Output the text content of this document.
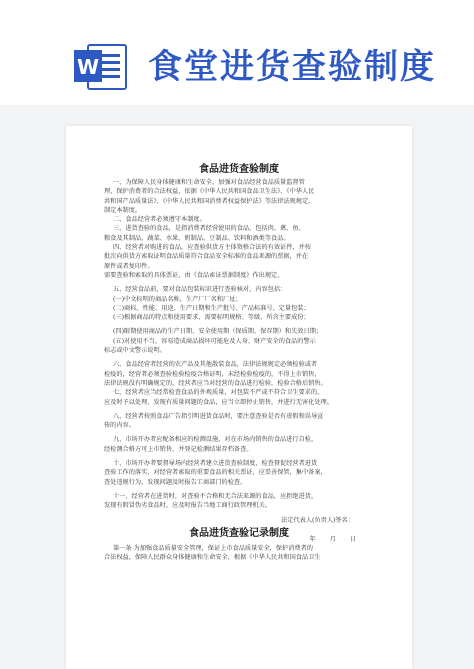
W 食堂进货查验制度
食品进货查验制度
一、为保障人民身体健康和生命安全，加强对食品经营食品质量监督管
理，保护消费者的合法权益，依据《中华人民共和国食品卫生法》、《中华人民
共和国产品质量法》、《中华人民共和国消费者权益保护法》等法律法规规定，
制定本制度。
二、食品经营者必须遵守本制度。
三、进货查验的食品，是指消费者经营使用的食品，包括肉、禽、鱼、
粮食及其制品、蔬菜、水果、奶制品、豆制品、饮料和酒类等食品。
四、经营者对购进的食品，应查验供货方主体资格合法的有效证件，并按
批次向供货方索取证明食品质量符合食品安全标准的食品来源的票据，并在
原件或者复印件。
需要查验和索取的具体票证，由《食品索证票据制度》作出规定。
五、经营食品前，要对食品包装标识进行查验核对，内容包括：
(一)中文标明的商品名称，生产厂厂名和厂址；
(二)商标、性能、用途、生产日期和生产批号、产品标准号、定量包装；
(三)根据商品的特点和使用要求，需要标明规格、等级、所含主要成份；
(四)限期使用商品的生产日期、安全使用期（保质期、保存期）和失效日期；
(五)对使用不当，容易造成商品损坏可能危及人身、财产安全的食品的警示
标志或中文警示说明。
六、食品经营者经营的农产品及其他散装食品，法律法规规定必须检验或者
检疫的，经营者必须查验检验检疫合格证明，未经检验检疫的，不得上市销售，
法律法规没有明确规定的，经营者应当对经营的食品进行检验，检验合格后销售。
七、经营者应当经常检查食品的外观质量，对包装不严或不符合卫生要求的，
应及时予以处理，发现有质量问题的食品，应当立即停止销售，并进行无害化处理。
八、经营者按照食品广告指引明进货食品时，要注意查验是否有虚假和误导宣
传的内容。
九、市场开办者应配备相应的检测设施，对在市场内销售的食品进行自检，
经检测合格方可上市销售，并登记检测结果存档备查。
十、市场开办者要督导场内经营者建立进货查验制度，检查督促经营者进货
查验工作的落实，对经营者索取的重要食品的相关票证，应妥善保管，集中备案，
查处违规行为，发现问题及时报告工商部门的检查。
十一、经营者在进货时，对查验不合格和无合法来源的食品，应拒绝进货，
发现有假冒伪劣食品时，应及时报告当地工商行政管理机关。
法定代表人(负责人)签名：
年月日
食品进货查验记录制度
第一条 为加强食品质量安全管理，保证上市食品质量安全，保护消费者的
合法权益，保障人民群众身体健康和生命安全，根据《中华人民共和国食品卫生
